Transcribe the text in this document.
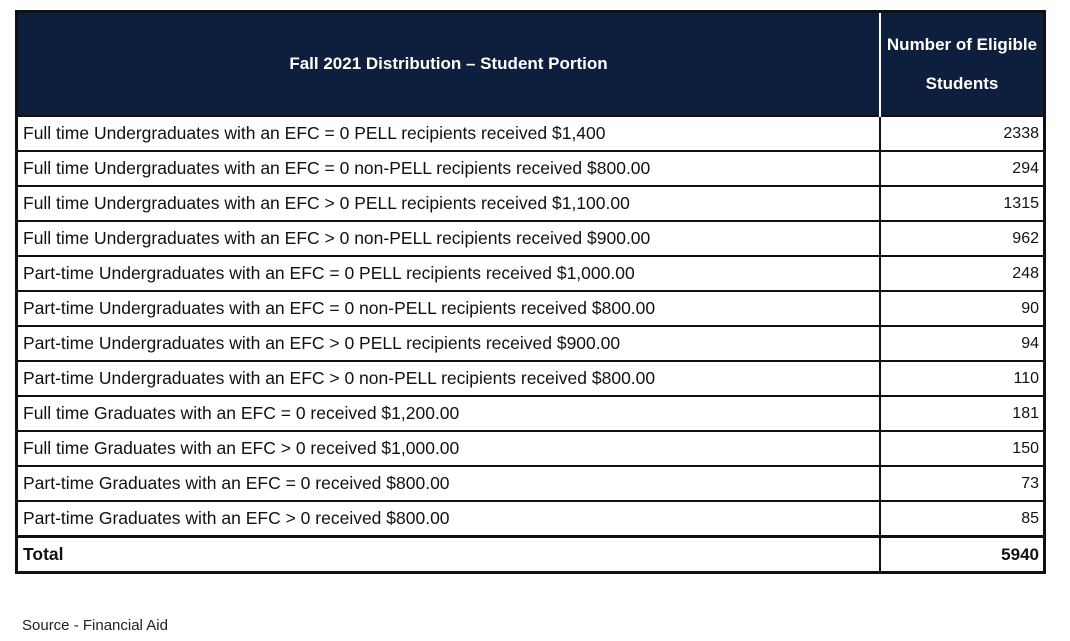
Fall 2021 Distribution – Student Portion	Number of Eligible Students
Full time Undergraduates with an EFC = 0 PELL recipients received $1,400	2338
Full time Undergraduates with an EFC = 0 non-PELL recipients received $800.00	294
Full time Undergraduates with an EFC > 0 PELL recipients received $1,100.00	1315
Full time Undergraduates with an EFC > 0 non-PELL recipients received $900.00	962
Part-time Undergraduates with an EFC = 0 PELL recipients received $1,000.00	248
Part-time Undergraduates with an EFC = 0 non-PELL recipients received $800.00	90
Part-time Undergraduates with an EFC > 0 PELL recipients received $900.00	94
Part-time Undergraduates with an EFC > 0 non-PELL recipients received $800.00	110
Full time Graduates with an EFC = 0 received $1,200.00	181
Full time Graduates with an EFC > 0 received $1,000.00	150
Part-time Graduates with an EFC = 0 received $800.00	73
Part-time Graduates with an EFC > 0 received $800.00	85
Total	5940
Source - Financial Aid
